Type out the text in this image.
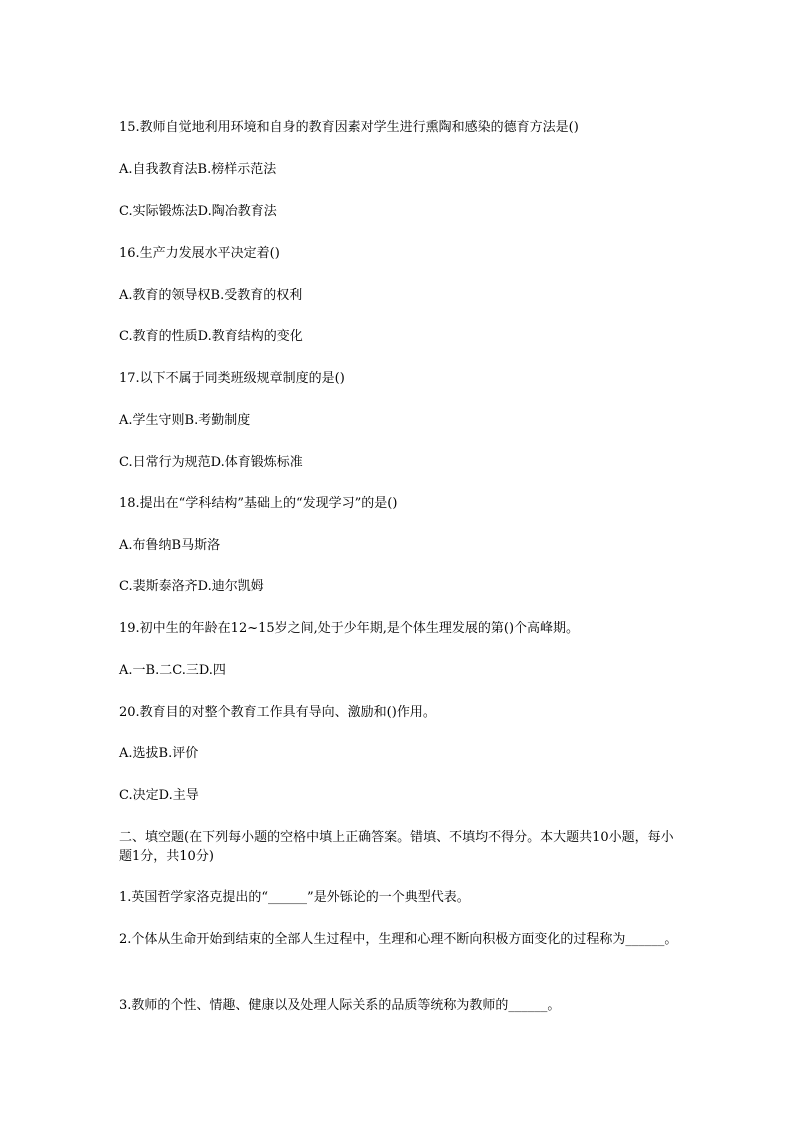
15.教师自觉地利用环境和自身的教育因素对学生进行熏陶和感染的德育方法是()
A.自我教育法B.榜样示范法
C.实际锻炼法D.陶冶教育法
16.生产力发展水平决定着()
A.教育的领导权B.受教育的权利
C.教育的性质D.教育结构的变化
17.以下不属于同类班级规章制度的是()
A.学生守则B.考勤制度
C.日常行为规范D.体育锻炼标准
18.提出在“学科结构”基础上的“发现学习”的是()
A.布鲁纳B马斯洛
C.裴斯泰洛齐D.迪尔凯姆
19.初中生的年龄在12~15岁之间,处于少年期,是个体生理发展的第()个高峰期。
A.一B.二C.三D.四
20.教育目的对整个教育工作具有导向、激励和()作用。
A.选拔B.评价
C.决定D.主导
二、填空题(在下列每小题的空格中填上正确答案。错填、不填均不得分。本大题共10小题，每小题1分，共10分)
1.英国哲学家洛克提出的“______”是外铄论的一个典型代表。
2.个体从生命开始到结束的全部人生过程中，生理和心理不断向积极方面变化的过程称为______。
3.教师的个性、情趣、健康以及处理人际关系的品质等统称为教师的______。
